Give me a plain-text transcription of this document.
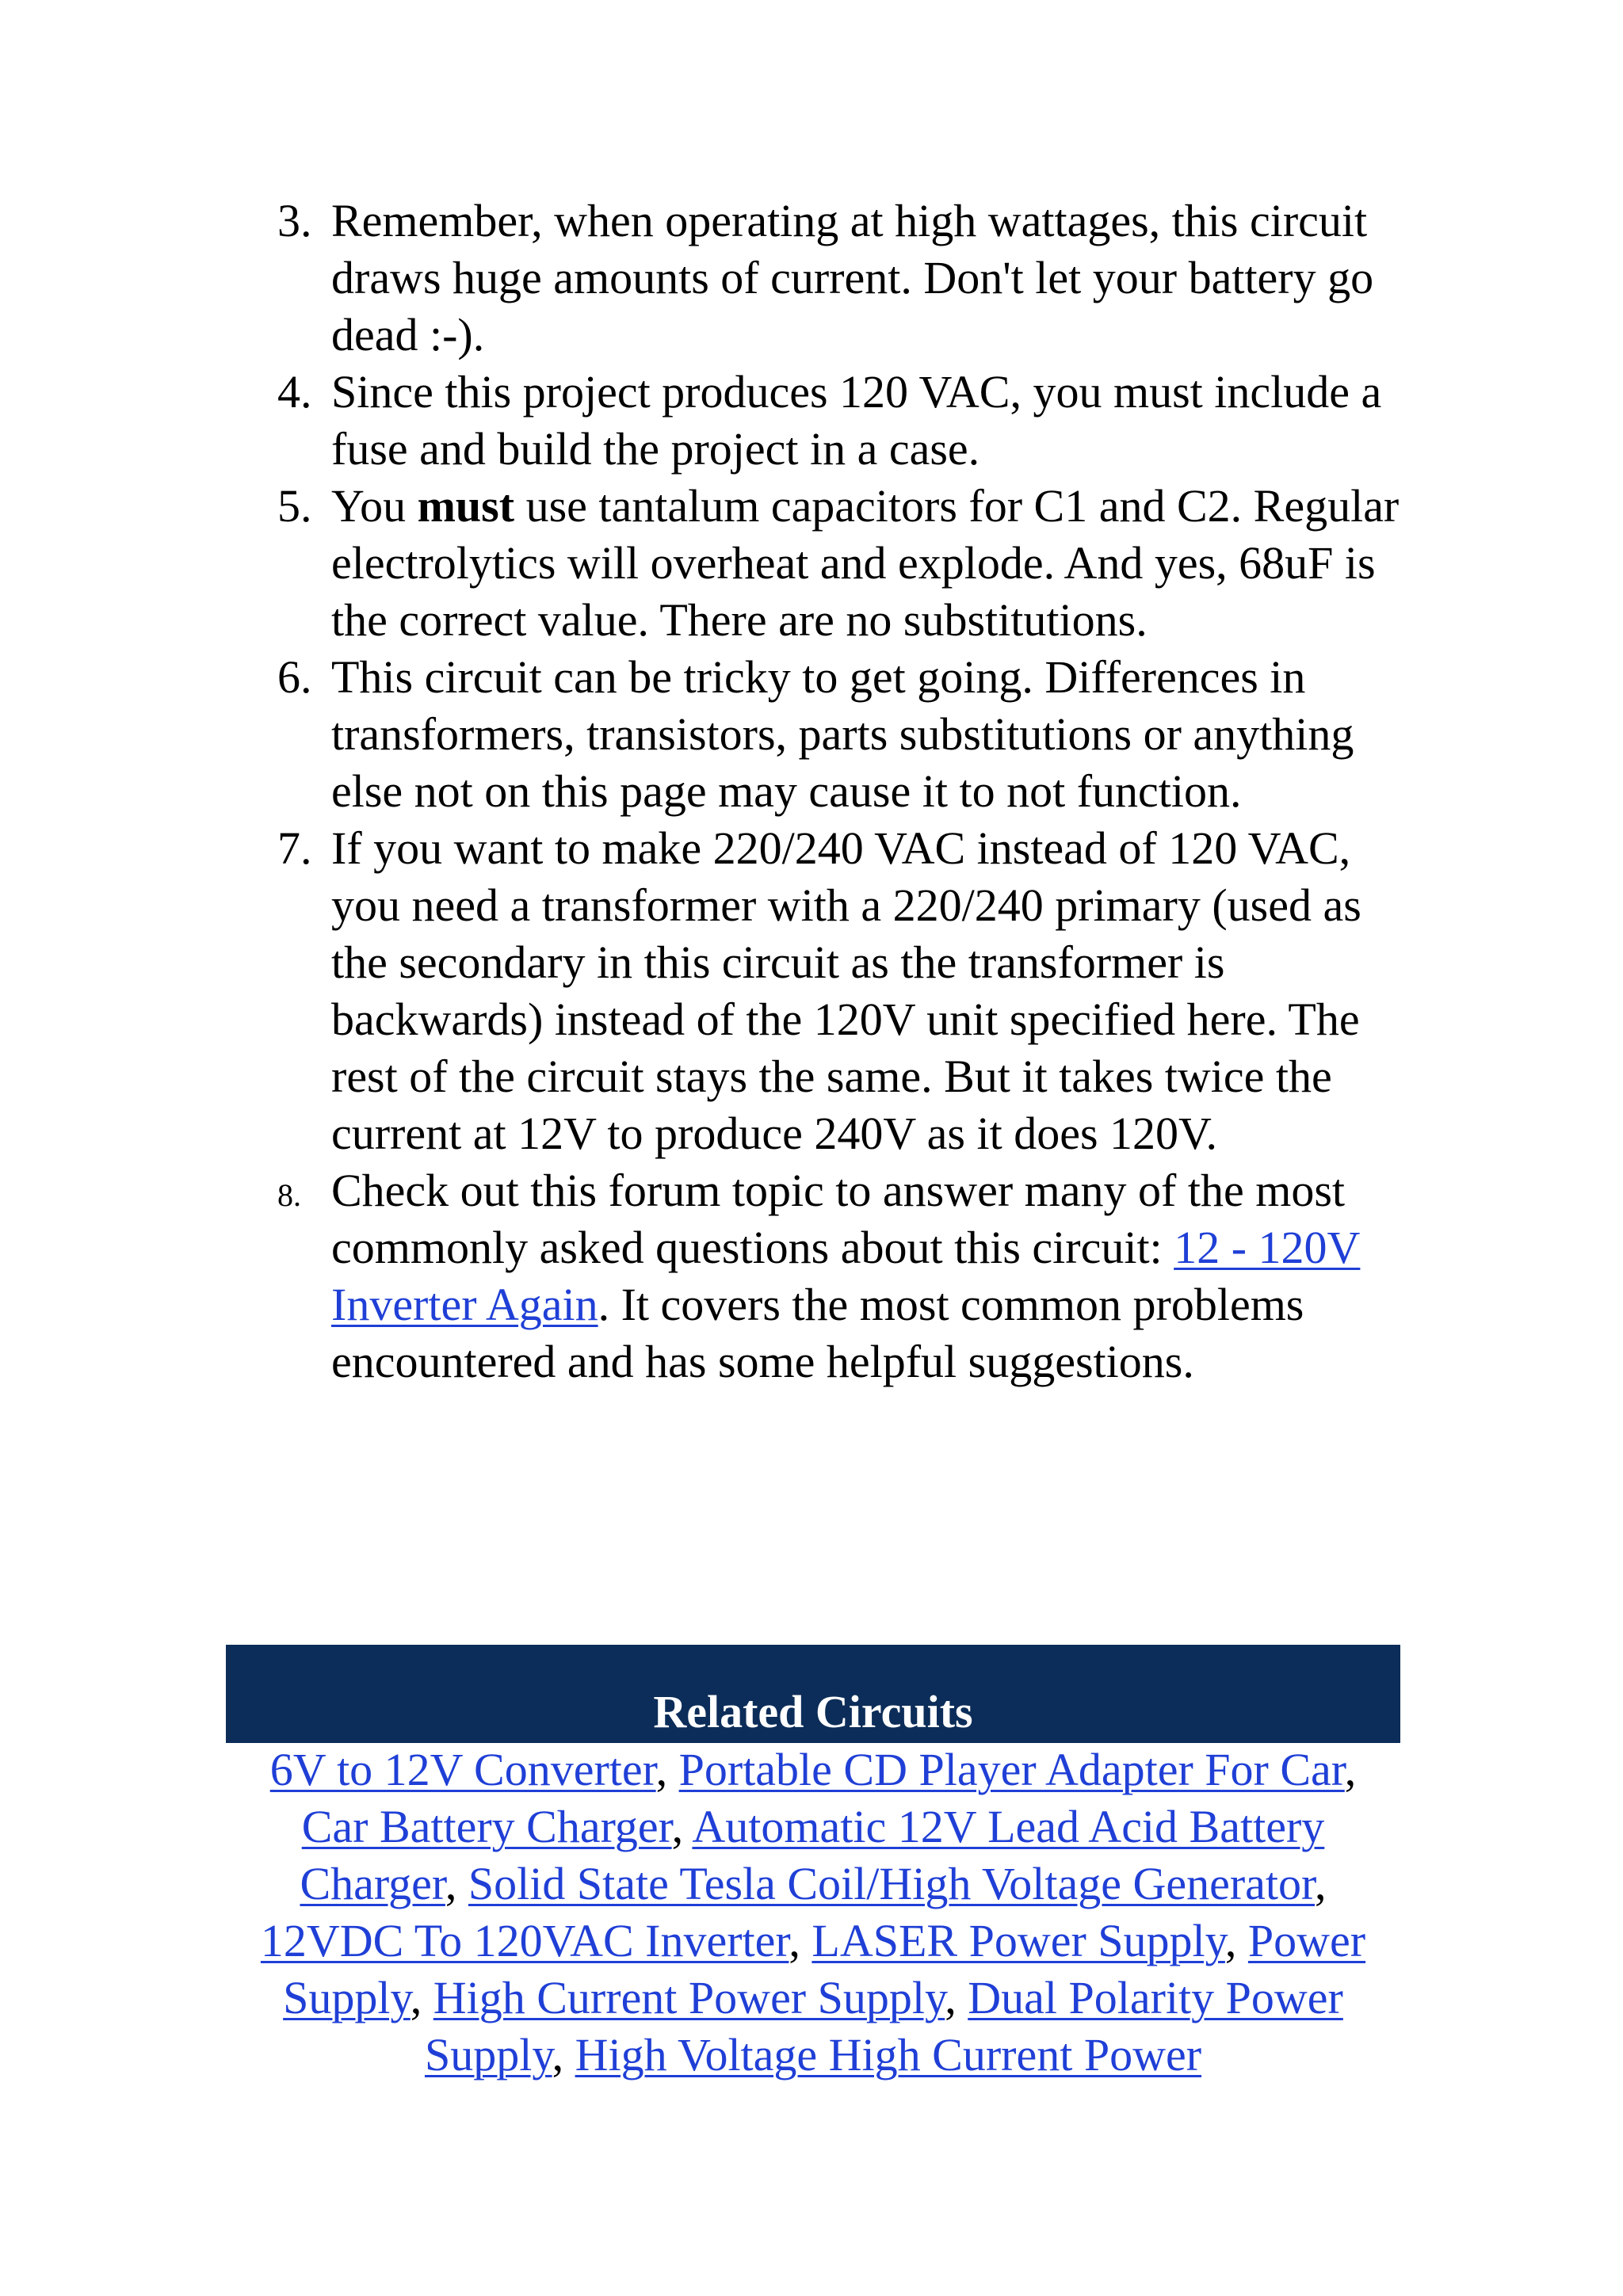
3. Remember, when operating at high wattages, this circuit draws huge amounts of current. Don't let your battery go dead :-).
4. Since this project produces 120 VAC, you must include a fuse and build the project in a case.
5. You must use tantalum capacitors for C1 and C2. Regular electrolytics will overheat and explode. And yes, 68uF is the correct value. There are no substitutions.
6. This circuit can be tricky to get going. Differences in transformers, transistors, parts substitutions or anything else not on this page may cause it to not function.
7. If you want to make 220/240 VAC instead of 120 VAC, you need a transformer with a 220/240 primary (used as the secondary in this circuit as the transformer is backwards) instead of the 120V unit specified here. The rest of the circuit stays the same. But it takes twice the current at 12V to produce 240V as it does 120V.
8. Check out this forum topic to answer many of the most commonly asked questions about this circuit: 12 - 120V Inverter Again. It covers the most common problems encountered and has some helpful suggestions.
Related Circuits
6V to 12V Converter, Portable CD Player Adapter For Car, Car Battery Charger, Automatic 12V Lead Acid Battery Charger, Solid State Tesla Coil/High Voltage Generator, 12VDC To 120VAC Inverter, LASER Power Supply, Power Supply, High Current Power Supply, Dual Polarity Power Supply, High Voltage High Current Power
